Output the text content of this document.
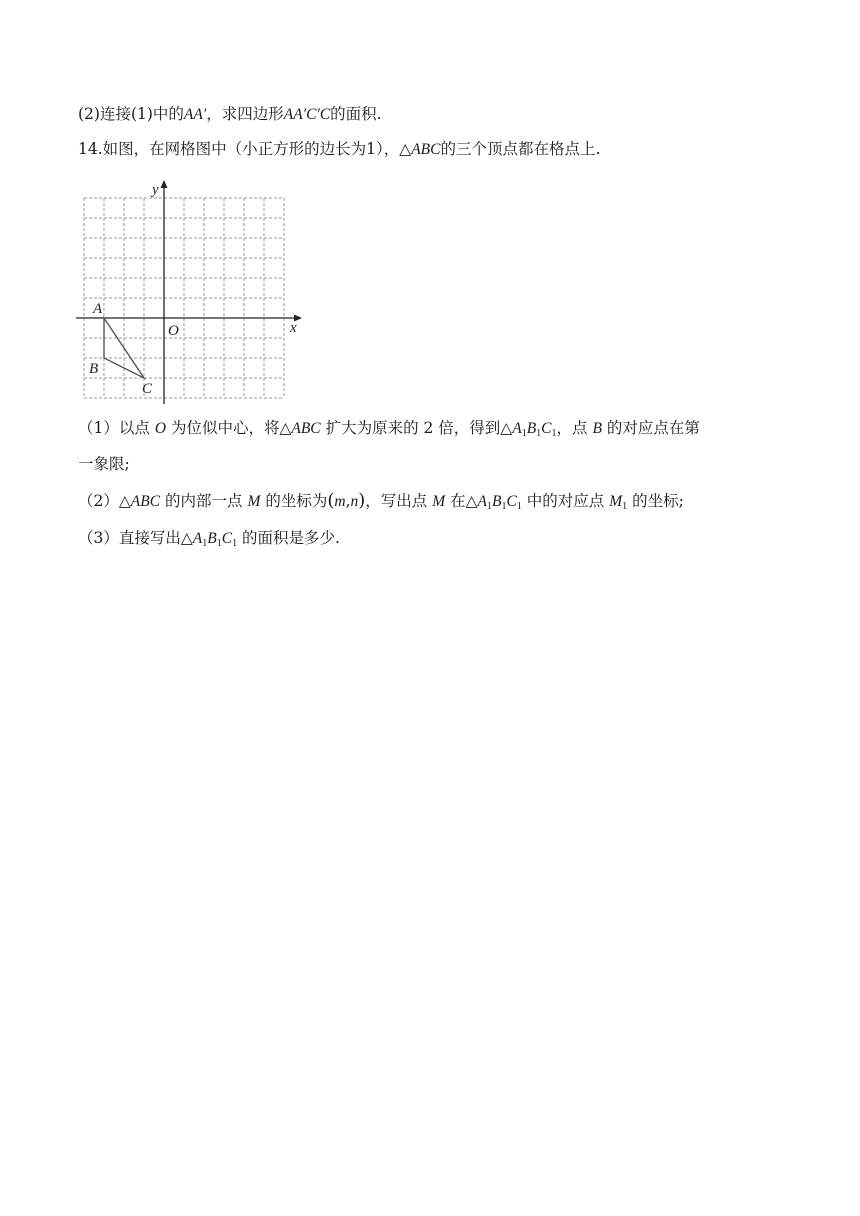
(2)连接(1)中的AA′，求四边形AA′C′C的面积.
14.如图，在网格图中（小正方形的边长为1），△ABC的三个顶点都在格点上.
y
x
O
A
B
C
（1）以点 O 为位似中心，将△ABC 扩大为原来的 2 倍，得到$\triangle A_1B_1C_1$，点 B 的对应点在第
一象限;
（2）△ABC 的内部一点 M 的坐标为(m,n)，写出点 M 在$\triangle A_1B_1C_1$ 中的对应点 $M_1$ 的坐标;
（3）直接写出$\triangle A_1B_1C_1$ 的面积是多少.
